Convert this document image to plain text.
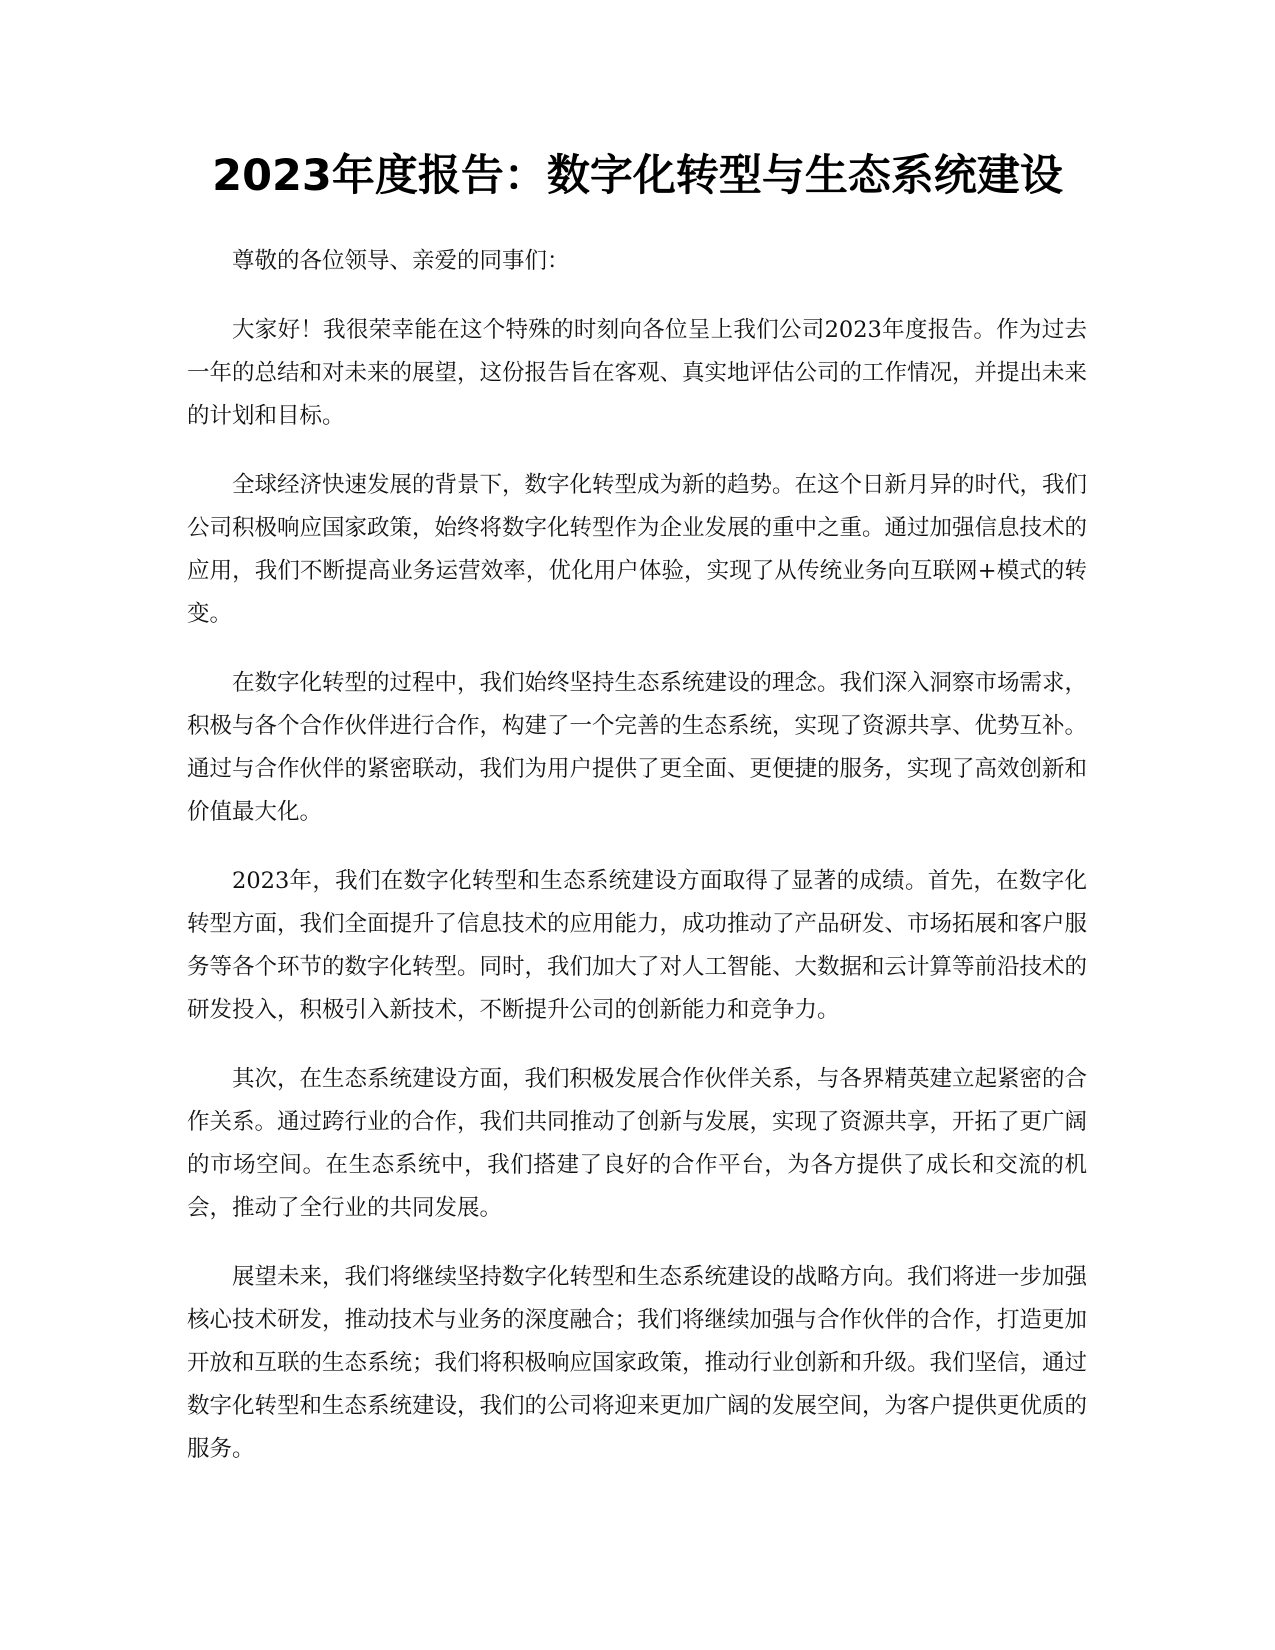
2023年度报告：数字化转型与生态系统建设

尊敬的各位领导、亲爱的同事们：

大家好！我很荣幸能在这个特殊的时刻向各位呈上我们公司2023年度报告。作为过去一年的总结和对未来的展望，这份报告旨在客观、真实地评估公司的工作情况，并提出未来的计划和目标。

全球经济快速发展的背景下，数字化转型成为新的趋势。在这个日新月异的时代，我们公司积极响应国家政策，始终将数字化转型作为企业发展的重中之重。通过加强信息技术的应用，我们不断提高业务运营效率，优化用户体验，实现了从传统业务向互联网+模式的转变。

在数字化转型的过程中，我们始终坚持生态系统建设的理念。我们深入洞察市场需求，积极与各个合作伙伴进行合作，构建了一个完善的生态系统，实现了资源共享、优势互补。通过与合作伙伴的紧密联动，我们为用户提供了更全面、更便捷的服务，实现了高效创新和价值最大化。

2023年，我们在数字化转型和生态系统建设方面取得了显著的成绩。首先，在数字化转型方面，我们全面提升了信息技术的应用能力，成功推动了产品研发、市场拓展和客户服务等各个环节的数字化转型。同时，我们加大了对人工智能、大数据和云计算等前沿技术的研发投入，积极引入新技术，不断提升公司的创新能力和竞争力。

其次，在生态系统建设方面，我们积极发展合作伙伴关系，与各界精英建立起紧密的合作关系。通过跨行业的合作，我们共同推动了创新与发展，实现了资源共享，开拓了更广阔的市场空间。在生态系统中，我们搭建了良好的合作平台，为各方提供了成长和交流的机会，推动了全行业的共同发展。

展望未来，我们将继续坚持数字化转型和生态系统建设的战略方向。我们将进一步加强核心技术研发，推动技术与业务的深度融合；我们将继续加强与合作伙伴的合作，打造更加开放和互联的生态系统；我们将积极响应国家政策，推动行业创新和升级。我们坚信，通过数字化转型和生态系统建设，我们的公司将迎来更加广阔的发展空间，为客户提供更优质的服务。
